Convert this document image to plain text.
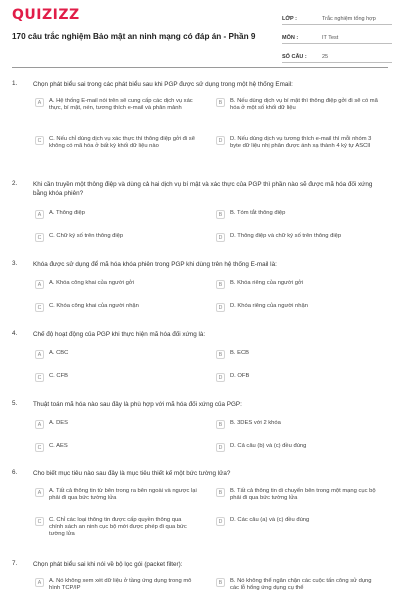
QUIZIZZ
170 câu trắc nghiệm Bảo mật an ninh mạng có đáp án - Phần 9
LỚP :	Trắc nghiệm tổng hợp
MÔN :	IT Test
SỐ CÂU :	25
1. Chọn phát biểu sai trong các phát biểu sau khi PGP được sử dụng trong một hệ thống Email:
A	A. Hệ thống E-mail nói trên sẽ cung cấp các dịch vụ xác thực, bí mật, nén, tương thích e-mail và phân mảnh
B	B. Nếu dùng dịch vụ bí mật thì thông điệp gởi đi sẽ có mã hóa ở một số khối dữ liệu
C	C. Nếu chỉ dùng dịch vụ xác thực thì thông điệp gởi đi sẽ không có mã hóa ở bất kỳ khối dữ liệu nào
D	D. Nếu dùng dịch vụ tương thích e-mail thì mỗi nhóm 3 byte dữ liệu nhị phân được ánh xạ thành 4 ký tự ASCII
2. Khi cần truyền một thông điệp và dùng cả hai dịch vụ bí mật và xác thực của PGP thì phần nào sẽ được mã hóa đối xứng bằng khóa phiên?
A	A. Thông điệp	B	B. Tóm tắt thông điệp
C	C. Chữ ký số trên thông điệp	D	D. Thông điệp và chữ ký số trên thông điệp
3. Khóa được sử dụng để mã hóa khóa phiên trong PGP khi dùng trên hệ thống E-mail là:
A	A. Khóa công khai của người gởi	B	B. Khóa riêng của người gởi
C	C. Khóa công khai của người nhận	D	D. Khóa riêng của người nhận
4. Chế độ hoạt động của PGP khi thực hiện mã hóa đối xứng là:
A	A. CBC	B	B. ECB
C	C. CFB	D	D. OFB
5. Thuật toán mã hóa nào sau đây là phù hợp với mã hóa đối xứng của PGP:
A	A. DES	B	B. 3DES với 2 khóa
C	C. AES	D	D. Cả câu (b) và (c) đều đúng
6. Cho biết mục tiêu nào sau đây là mục tiêu thiết kế một bức tường lửa?
A	A. Tất cả thông tin từ bên trong ra bên ngoài và ngược lại phải đi qua bức tường lửa
B	B. Tất cả thông tin di chuyển bên trong một mạng cục bộ phải đi qua bức tường lửa
C	C. Chỉ các loại thông tin được cấp quyền thông qua chính sách an ninh cục bộ mới được phép đi qua bức tường lửa
D	D. Các câu (a) và (c) đều đúng
7. Chọn phát biểu sai khi nói về bộ lọc gói (packet filter):
A	A. Nó không xem xét dữ liệu ở tầng ứng dụng trong mô hình TCP/IP
B	B. Nó không thể ngăn chặn các cuộc tấn công sử dụng các lỗ hổng ứng dụng cụ thể
